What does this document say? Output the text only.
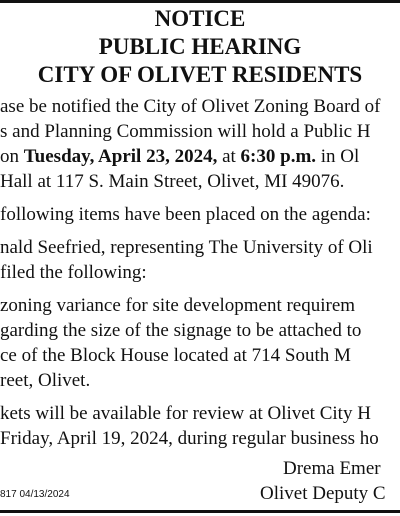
NOTICE
PUBLIC HEARING
CITY OF OLIVET RESIDENTS
ase be notified the City of Olivet Zoning Board of
s and Planning Commission will hold a Public H
on Tuesday, April 23, 2024, at 6:30 p.m. in Ol
Hall at 117 S. Main Street, Olivet, MI 49076.
following items have been placed on the agenda:
nald Seefried, representing The University of Oli
filed the following:
zoning variance for site development requirem
garding the size of the signage to be attached to
ce of the Block House located at 714 South M
reet, Olivet.
kets will be available for review at Olivet City H
Friday, April 19, 2024, during regular business ho
Drema Emer
Olivet Deputy C
817 04/13/2024
